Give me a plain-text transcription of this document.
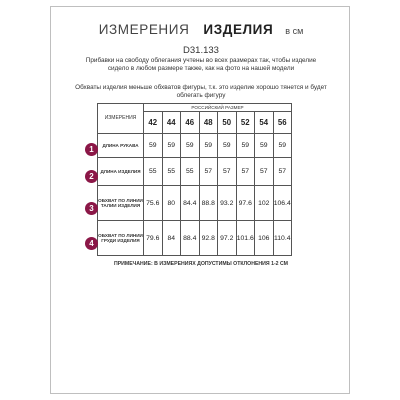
ИЗМЕРЕНИЯ ИЗДЕЛИЯ в см
D31.133
Прибавки на свободу облегания учтены во всех размерах так, чтобы изделие сидело в любом размере также, как на фото на нашей модели
Обхваты изделия меньше обхватов фигуры, т.к. это изделие хорошо тянется и будет облегать фигуру
ИЗМЕРЕНИЯ	РОССИЙСКИЙ РАЗМЕР							
	42	44	46	48	50	52	54	56
ДЛИНА РУКАВА	59	59	59	59	59	59	59	59
ДЛИНА ИЗДЕЛИЯ	55	55	55	57	57	57	57	57
ОБХВАТ ПО ЛИНИИ ТАЛИИ ИЗДЕЛИЯ	75.6	80	84.4	88.8	93.2	97.6	102	106.4
ОБХВАТ ПО ЛИНИИ ГРУДИ ИЗДЕЛИЯ	79.6	84	88.4	92.8	97.2	101.6	106	110.4
1
2
3
4
ПРИМЕЧАНИЕ: В ИЗМЕРЕНИЯХ ДОПУСТИМЫ ОТКЛОНЕНИЯ 1-2 СМ
